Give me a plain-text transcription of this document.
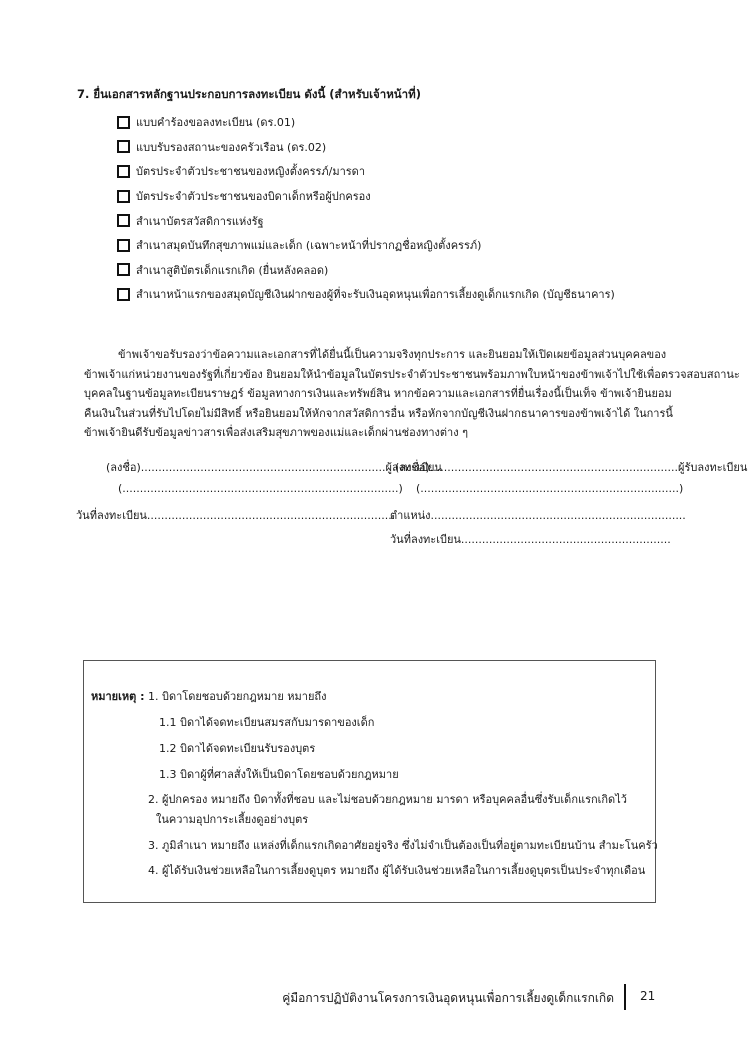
7. ยื่นเอกสารหลักฐานประกอบการลงทะเบียน ดังนี้ (สำหรับเจ้าหน้าที่)
แบบคำร้องขอลงทะเบียน (ดร.01)
แบบรับรองสถานะของครัวเรือน (ดร.02)
บัตรประจำตัวประชาชนของหญิงตั้งครรภ์/มารดา
บัตรประจำตัวประชาชนของบิดาเด็กหรือผู้ปกครอง
สำเนาบัตรสวัสดิการแห่งรัฐ
สำเนาสมุดบันทึกสุขภาพแม่และเด็ก (เฉพาะหน้าที่ปรากฏชื่อหญิงตั้งครรภ์)
สำเนาสูติบัตรเด็กแรกเกิด (ยื่นหลังคลอด)
สำเนาหน้าแรกของสมุดบัญชีเงินฝากของผู้ที่จะรับเงินอุดหนุนเพื่อการเลี้ยงดูเด็กแรกเกิด (บัญชีธนาคาร)
ข้าพเจ้าขอรับรองว่าข้อความและเอกสารที่ได้ยื่นนี้เป็นความจริงทุกประการ และยินยอมให้เปิดเผยข้อมูลส่วนบุคคลของ
ข้าพเจ้าแก่หน่วยงานของรัฐที่เกี่ยวข้อง ยินยอมให้นำข้อมูลในบัตรประจำตัวประชาชนพร้อมภาพใบหน้าของข้าพเจ้าไปใช้เพื่อตรวจสอบสถานะ
บุคคลในฐานข้อมูลทะเบียนราษฎร์ ข้อมูลทางการเงินและทรัพย์สิน หากข้อความและเอกสารที่ยื่นเรื่องนี้เป็นเท็จ ข้าพเจ้ายินยอม
คืนเงินในส่วนที่รับไปโดยไม่มีสิทธิ์ หรือยินยอมให้หักจากสวัสดิการอื่น หรือหักจากบัญชีเงินฝากธนาคารของข้าพเจ้าได้ ในการนี้
ข้าพเจ้ายินดีรับข้อมูลข่าวสารเพื่อส่งเสริมสุขภาพของแม่และเด็กผ่านช่องทางต่าง ๆ
(ลงชื่อ)......................................................................ผู้ลงทะเบียน
(...............................................................................)
วันที่ลงทะเบียน.......................................................................
(ลงชื่อ).......................................................................ผู้รับลงทะเบียน
(..........................................................................)
ตำแหน่ง.........................................................................
วันที่ลงทะเบียน............................................................
หมายเหตุ : 1. บิดาโดยชอบด้วยกฎหมาย หมายถึง
1.1 บิดาได้จดทะเบียนสมรสกับมารดาของเด็ก
1.2 บิดาได้จดทะเบียนรับรองบุตร
1.3 บิดาผู้ที่ศาลสั่งให้เป็นบิดาโดยชอบด้วยกฎหมาย
2. ผู้ปกครอง หมายถึง บิดาทั้งที่ชอบ และไม่ชอบด้วยกฎหมาย มารดา หรือบุคคลอื่นซึ่งรับเด็กแรกเกิดไว้
ในความอุปการะเลี้ยงดูอย่างบุตร
3. ภูมิลำเนา หมายถึง แหล่งที่เด็กแรกเกิดอาศัยอยู่จริง ซึ่งไม่จำเป็นต้องเป็นที่อยู่ตามทะเบียนบ้าน สำมะโนครัว
4. ผู้ได้รับเงินช่วยเหลือในการเลี้ยงดูบุตร หมายถึง ผู้ได้รับเงินช่วยเหลือในการเลี้ยงดูบุตรเป็นประจำทุกเดือน
คู่มือการปฏิบัติงานโครงการเงินอุดหนุนเพื่อการเลี้ยงดูเด็กแรกเกิด 21
